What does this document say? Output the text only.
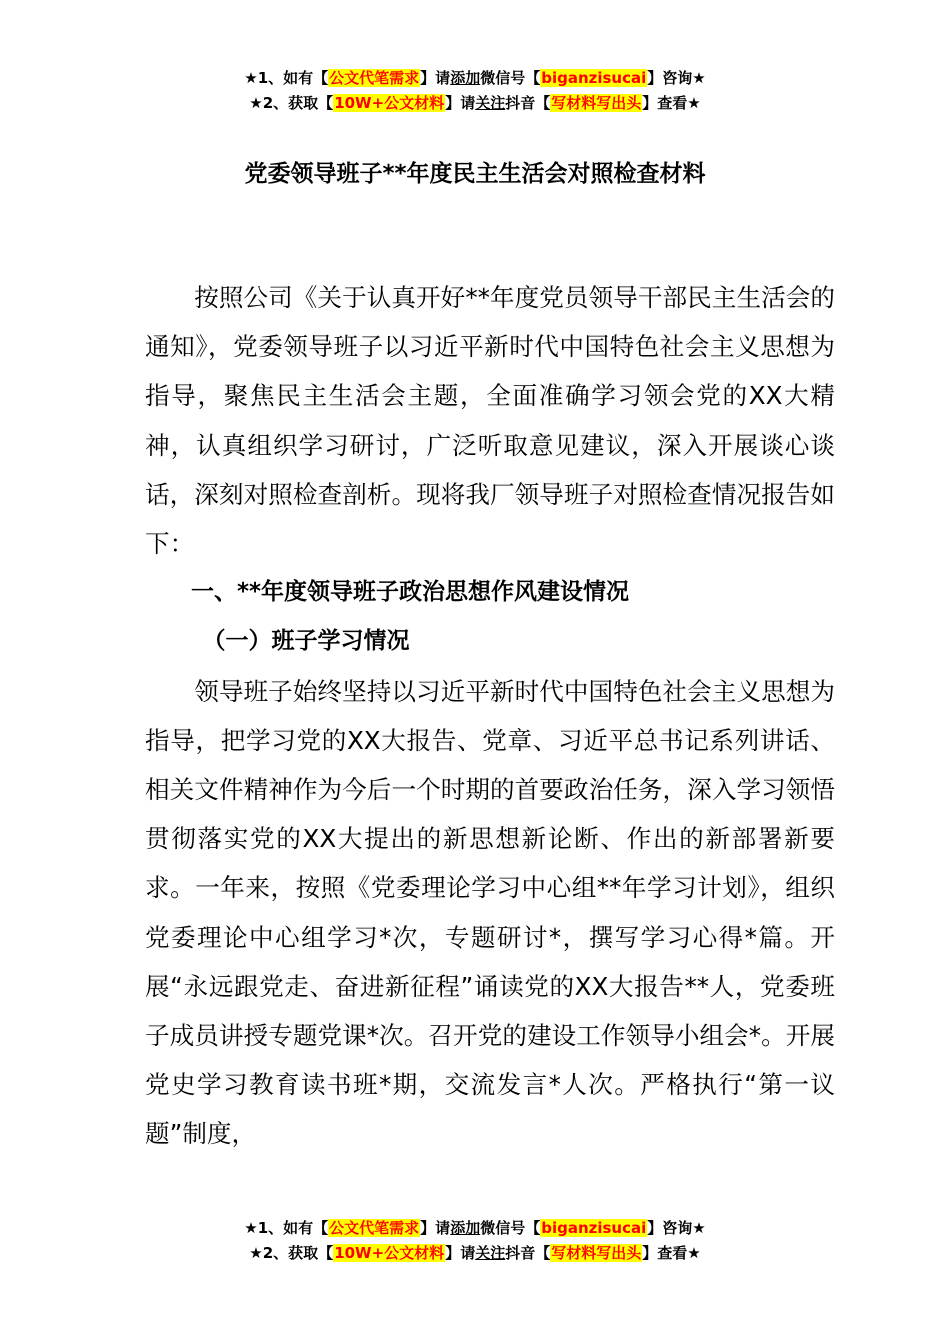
★1、如有【公文代笔需求】请添加微信号【biganzisucai】咨询★
★2、获取【10W+公文材料】请关注抖音【写材料写出头】查看★
党委领导班子**年度民主生活会对照检查材料

按照公司《关于认真开好**年度党员领导干部民主生活会的通知》，党委领导班子以习近平新时代中国特色社会主义思想为指导，聚焦民主生活会主题，全面准确学习领会党的XX大精神，认真组织学习研讨，广泛听取意见建议，深入开展谈心谈话，深刻对照检查剖析。现将我厂领导班子对照检查情况报告如下：

一、**年度领导班子政治思想作风建设情况

（一）班子学习情况

领导班子始终坚持以习近平新时代中国特色社会主义思想为指导，把学习党的XX大报告、党章、习近平总书记系列讲话、相关文件精神作为今后一个时期的首要政治任务，深入学习领悟贯彻落实党的XX大提出的新思想新论断、作出的新部署新要求。一年来，按照《党委理论学习中心组**年学习计划》，组织党委理论中心组学习*次，专题研讨*，撰写学习心得*篇。开展“永远跟党走、奋进新征程”诵读党的XX大报告**人，党委班子成员讲授专题党课*次。召开党的建设工作领导小组会*。开展党史学习教育读书班*期，交流发言*人次。严格执行“第一议题”制度，

★1、如有【公文代笔需求】请添加微信号【biganzisucai】咨询★
★2、获取【10W+公文材料】请关注抖音【写材料写出头】查看★
